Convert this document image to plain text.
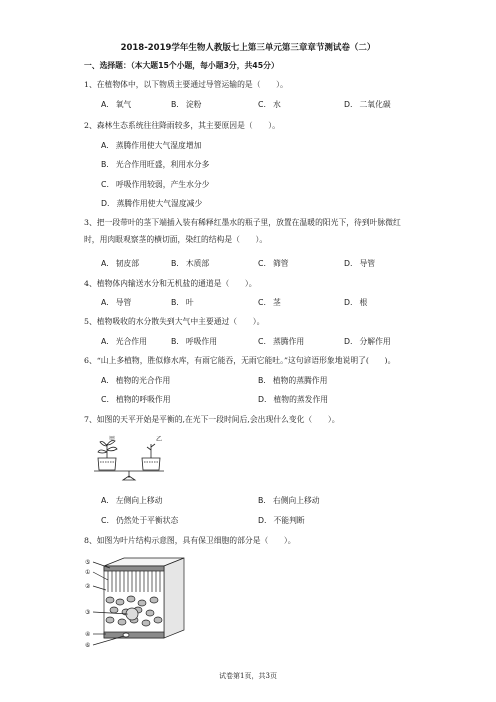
2018-2019学年生物人教版七上第三单元第三章章节测试卷（二）
一、选择题：（本大题15个小题，每小题3分，共45分）
1、在植物体中，以下物质主要通过导管运输的是（　　）。
A. 氧气	B. 淀粉	C. 水	D. 二氧化碳
2、森林生态系统往往降雨较多，其主要原因是（　　）。
A. 蒸腾作用使大气湿度增加
B. 光合作用旺盛，利用水分多
C. 呼吸作用较弱，产生水分少
D. 蒸腾作用使大气湿度减少
3、把一段带叶的茎下端插入装有稀释红墨水的瓶子里，放置在温暖的阳光下，待到叶脉微红时，用肉眼观察茎的横切面，染红的结构是（　　）。
A. 韧皮部	B. 木质部	C. 筛管	D. 导管
4、植物体内输送水分和无机盐的通道是（　　）。
A. 导管	B. 叶	C. 茎	D. 根
5、植物吸收的水分散失到大气中主要通过（　　）。
A. 光合作用	B. 呼吸作用	C. 蒸腾作用	D. 分解作用
6、“山上多植物，胜似修水库，有雨它能吞，无雨它能吐。”这句谚语形象地说明了(　　)。
A. 植物的光合作用	B. 植物的蒸腾作用
C. 植物的呼吸作用	D. 植物的蒸发作用
7、如图的天平开始是平衡的,在光下一段时间后,会出现什么变化（　　）。
甲	乙
A. 左侧向上移动	B. 右侧向上移动
C. 仍然处于平衡状态	D. 不能判断
8、如图为叶片结构示意图，具有保卫细胞的部分是（　　）。
⑤
①
②
③
④
⑥
试卷第1页，共3页
